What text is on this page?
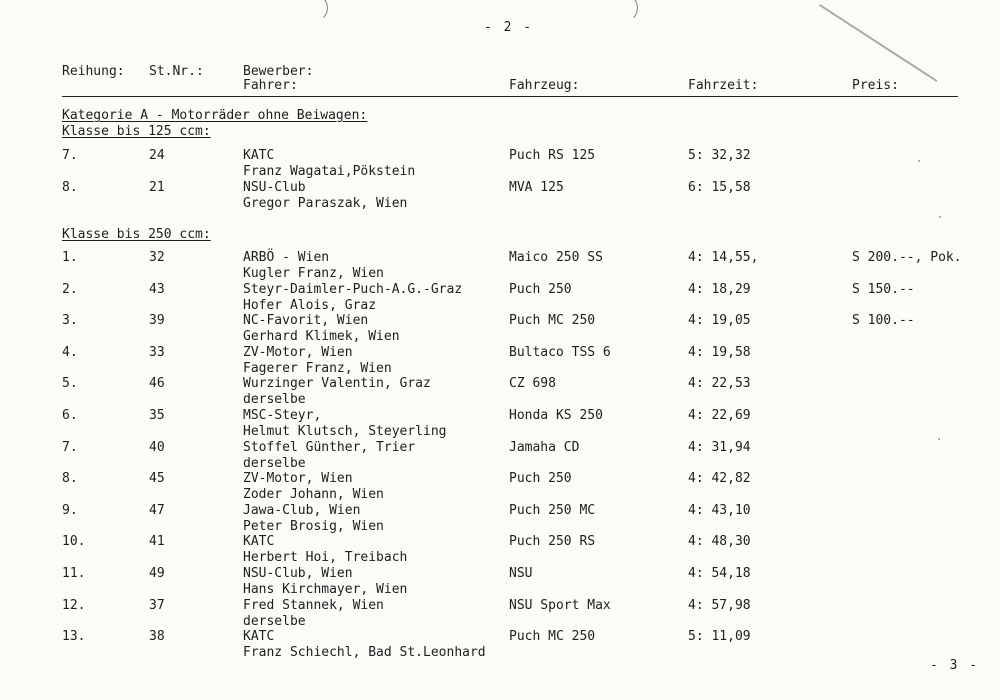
- 2 -
Reihung: St.Nr.:	Bewerber:
Fahrer:	Fahrzeug:	Fahrzeit:	Preis:
Kategorie A - Motorräder ohne Beiwagen:
Klasse bis 125 ccm:
Klasse bis 250 ccm:
7.	24	KATC
Franz Wagatai,Pökstein
Puch RS 125	5: 32,32
8.	21	NSU-Club
Gregor Paraszak, Wien
MVA 125	6: 15,58
1.	32	ARBÖ - Wien
Kugler Franz, Wien
Maico 250 SS	4: 14,55,	S 200.--, Pok.
2.	43	Steyr-Daimler-Puch-A.G.-Graz
Hofer Alois, Graz
Puch 250	4: 18,29	S 150.--
3.	39	NC-Favorit, Wien
Gerhard Klimek, Wien
Puch MC 250	4: 19,05	S 100.--
4.	33	ZV-Motor, Wien
Fagerer Franz, Wien
Bultaco TSS 6	4: 19,58
5.	46	Wurzinger Valentin, Graz
derselbe
CZ 698	4: 22,53
6.	35	MSC-Steyr,
Helmut Klutsch, Steyerling
Honda KS 250	4: 22,69
7.	40	Stoffel Günther, Trier
derselbe
Jamaha CD	4: 31,94
8.	45	ZV-Motor, Wien
Zoder Johann, Wien
Puch 250	4: 42,82
9.	47	Jawa-Club, Wien
Peter Brosig, Wien
Puch 250 MC	4: 43,10
10.	41	KATC
Herbert Hoi, Treibach
Puch 250 RS	4: 48,30
11.	49	NSU-Club, Wien
Hans Kirchmayer, Wien
NSU	4: 54,18
12.	37	Fred Stannek, Wien
derselbe
NSU Sport Max	4: 57,98
13.	38	KATC
Franz Schiechl, Bad St.Leonhard
Puch MC 250	5: 11,09
- 3 -
